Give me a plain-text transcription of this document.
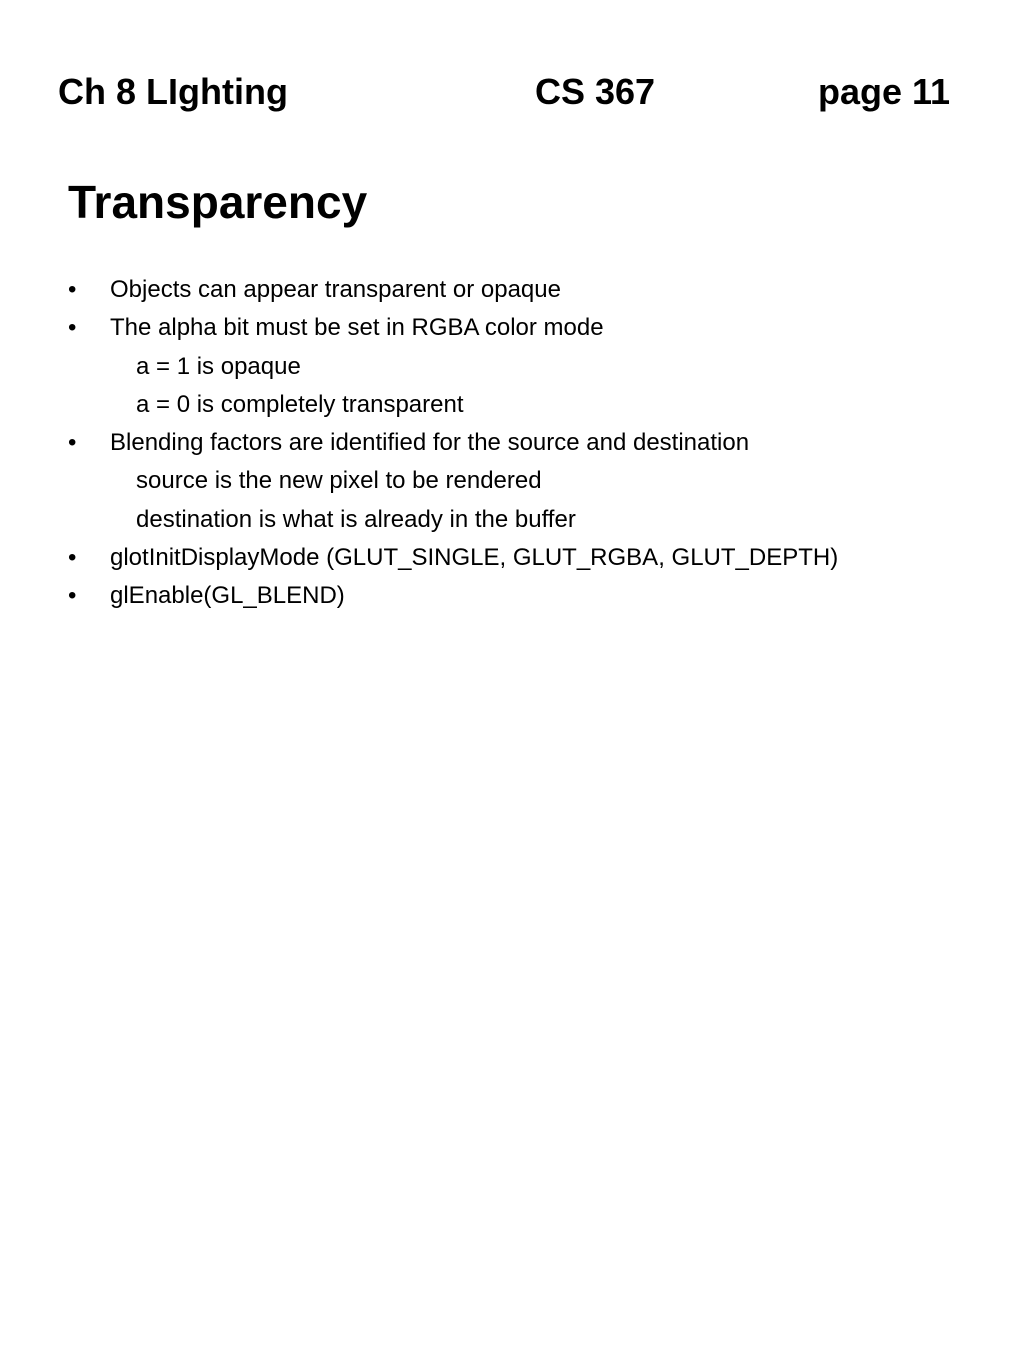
Ch 8 LIghting	CS 367	page 11
Transparency
• Objects can appear transparent or opaque
• The alpha bit must be set in RGBA color mode
a = 1 is opaque
a = 0 is completely transparent
• Blending factors are identified for the source and destination
source is the new pixel to be rendered
destination is what is already in the buffer
• glotInitDisplayMode (GLUT_SINGLE, GLUT_RGBA, GLUT_DEPTH)
• glEnable(GL_BLEND)
